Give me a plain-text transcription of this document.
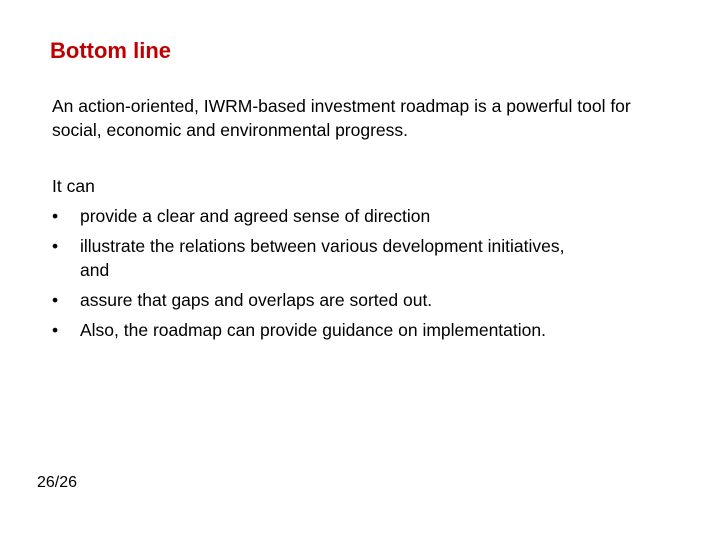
Bottom line
An action-oriented, IWRM-based investment roadmap is a powerful tool for social, economic and environmental progress.
It can
•	provide a clear and agreed sense of direction
•	illustrate the relations between various development initiatives, and
•	assure that gaps and overlaps are sorted out.
•	Also, the roadmap can provide guidance on implementation.
26/26
